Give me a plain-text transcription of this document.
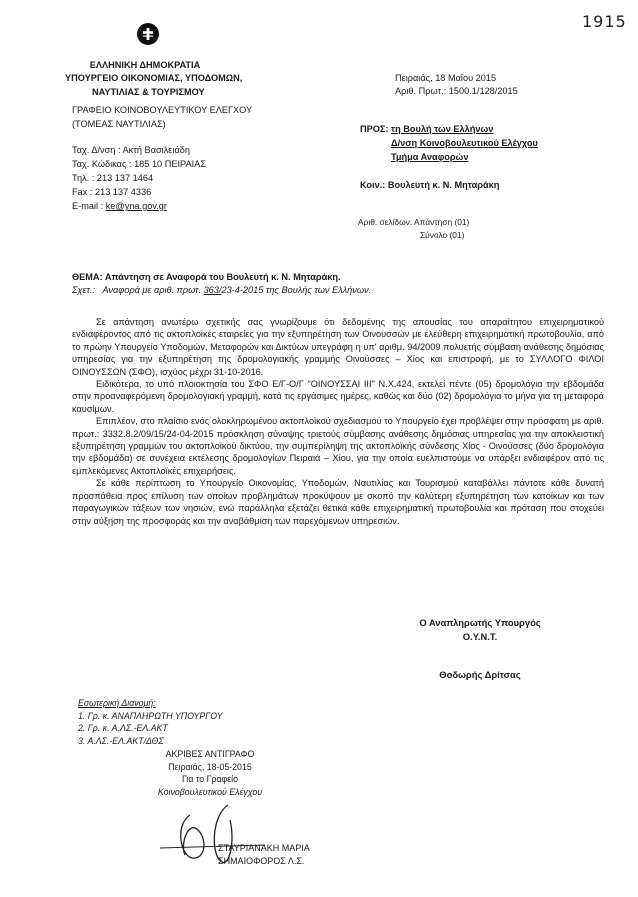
1915
ΕΛΛΗΝΙΚΗ ΔΗΜΟΚΡΑΤΙΑ
ΥΠΟΥΡΓΕΙΟ ΟΙΚΟΝΟΜΙΑΣ, ΥΠΟΔΟΜΩΝ,
ΝΑΥΤΙΛΙΑΣ & ΤΟΥΡΙΣΜΟΥ
ΓΡΑΦΕΙΟ ΚΟΙΝΟΒΟΥΛΕΥΤΙΚΟΥ ΕΛΕΓΧΟΥ
(ΤΟΜΕΑΣ ΝΑΥΤΙΛΙΑΣ)
Ταχ. Δ/νση : Ακτή Βασιλειάδη
Ταχ. Κώδικας : 185 10 ΠΕΙΡΑΙΑΣ
Τηλ. : 213 137 1464
Fax : 213 137 4336
E-mail : ke@yna.gov.gr
Πειραιάς, 18 Μαΐου 2015
Αριθ. Πρωτ.: 1500.1/128/2015
ΠΡΟΣ: τη Βουλή των Ελλήνων
Δ/νση Κοινοβουλευτικού Ελέγχου
Τμήμα Αναφορών
Κοιν.: Βουλευτή κ. Ν. Μηταράκη
Αριθ. σελίδων: Απάντηση (01)
Σύνολο (01)
ΘΕΜΑ: Απάντηση σε Αναφορά του Βουλευτή κ. Ν. Μηταράκη.
Σχετ.: Αναφορά με αριθ. πρωτ. 363/23-4-2015 της Βουλής των Ελλήνων.

Σε απάντηση ανωτέρω σχετικής σας γνωρίζουμε ότι δεδομένης της απουσίας του απαραίτητου επιχειρηματικού ενδιαφέροντος από τις ακτοπλοϊκές εταιρείες για την εξυπηρέτηση των Οινουσσών με ελεύθερη επιχειρηματική πρωτοβουλία, από το πρώην Υπουργείο Υποδομών, Μεταφορών και Δικτύων υπεγράφη η υπ' αριθμ. 94/2009 πολυετής σύμβαση ανάθεσης δημόσιας υπηρεσίας για την εξυπηρέτηση της δρομολογιακής γραμμής Οινούσσες – Χίος και επιστροφή, με το ΣΥΛΛΟΓΟ ΦΙΛΟΙ ΟΙΝΟΥΣΣΩΝ (ΣΦΟ), ισχύος μέχρι 31-10-2016.

Ειδικότερα, το υπό πλοιοκτησία του ΣΦΟ Ε/Γ-Ο/Γ "ΟΙΝΟΥΣΣΑΙ ΙΙΙ" Ν.Χ.424, εκτελεί πέντε (05) δρομολόγια την εβδομάδα στην προαναφερόμενη δρομολογιακή γραμμή, κατά τις εργάσιμες ημέρες, καθώς και δύο (02) δρομολόγια το μήνα για τη μεταφορά καυσίμων.

Επιπλέον, στο πλαίσιο ενός ολοκληρωμένου ακτοπλοϊκού σχεδιασμού το Υπουργείο έχει προβλέψει στην πρόσφατη με αριθ. πρωτ.: 3332.8.2/09/15/24-04-2015 πρόσκληση σύναψης τριετούς σύμβασης ανάθεσης δημόσιας υπηρεσίας για την αποκλειστική εξυπηρέτηση γραμμών του ακτοπλοϊκού δικτύου, την συμπερίληψη της ακτοπλοϊκής σύνδεσης Χίος - Οινούσσες (δύο δρομολόγια την εβδομάδα) σε συνέχεια εκτέλεσης δρομολογίων Πειραιά – Χίου, για την οποία ευελπιστούμε να υπάρξει ενδιαφέρον από τις εμπλεκόμενες Ακτοπλοϊκές επιχειρήσεις.

Σε κάθε περίπτωση το Υπουργείο Οικονομίας, Υποδομών, Ναυτιλίας και Τουρισμού καταβάλλει πάντοτε κάθε δυνατή προσπάθεια προς επίλυση των οποίων προβλημάτων προκύψουν με σκοπό την καλύτερη εξυπηρέτηση των κατοίκων και των παραγωγικών τάξεων των νησιών, ενώ παράλληλα εξετάζει θετικά κάθε επιχειρηματική πρωτοβουλία και πρόταση που στοχεύει στην αύξηση της προσφοράς και την αναβάθμιση των παρεχόμενων υπηρεσιών.

Ο Αναπληρωτής Υπουργός
Ο.Υ.Ν.Τ.
Θοδωρής Δρίτσας
Εσωτερική Διανομή:
1. Γρ. κ. ΑΝΑΠΛΗΡΩΤΗ ΥΠΟΥΡΓΟΥ
2. Γρ. κ. Α.ΛΣ.-ΕΛ.ΑΚΤ
3. Α.ΛΣ.-ΕΛ.ΑΚΤ/ΔΘΣ
ΑΚΡΙΒΕΣ ΑΝΤΙΓΡΑΦΟ
Πειραιάς, 18-05-2015
Για το Γραφείο
Κοινοβουλευτικού Ελέγχου
ΣΤΑΥΡΙΑΝΑΚΗ ΜΑΡΙΑ
ΣΗΜΑΙΟΦΟΡΟΣ Λ.Σ.
